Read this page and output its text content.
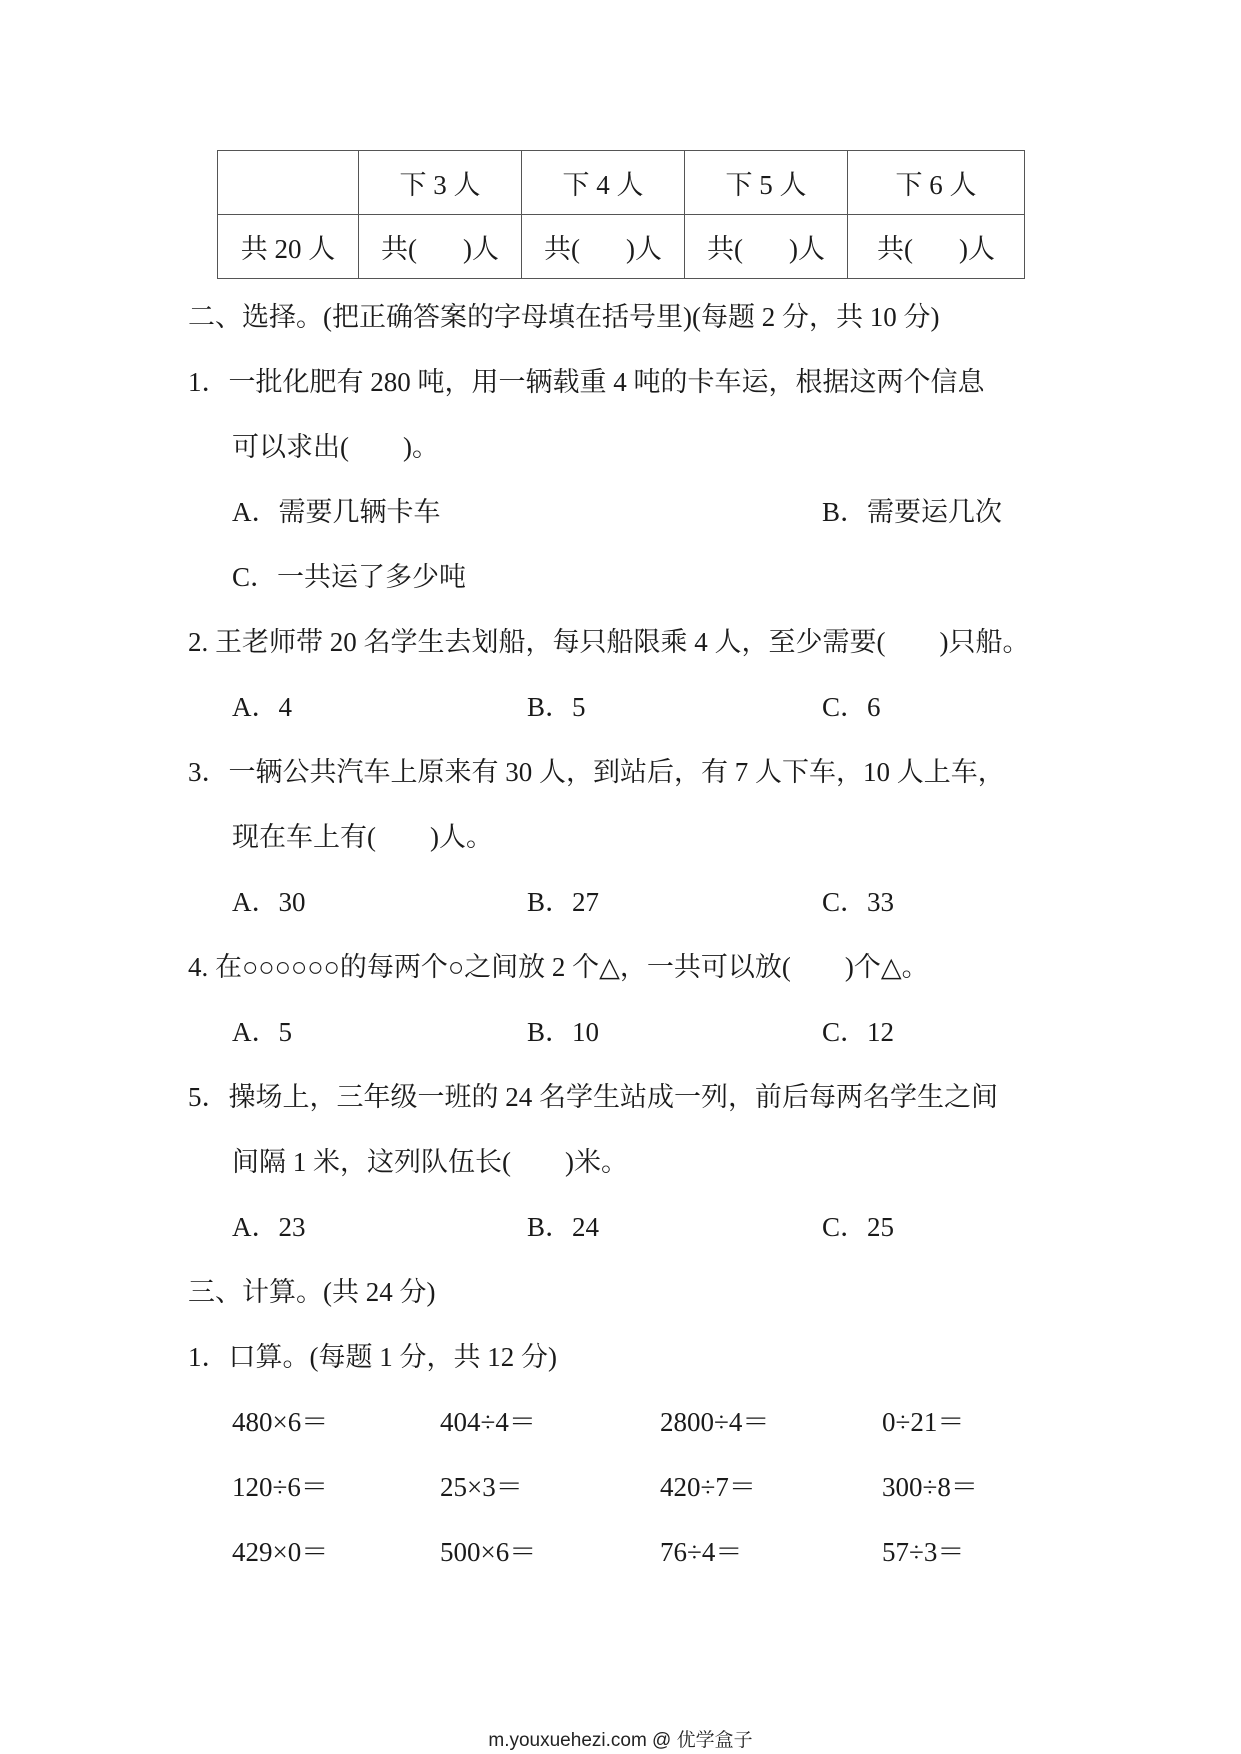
	下 3 人	下 4 人	下 5 人	下 6 人
共 20 人	共( )人	共( )人	共( )人	共( )人
二、选择。(把正确答案的字母填在括号里)(每题 2 分，共 10 分)
1．一批化肥有 280 吨，用一辆载重 4 吨的卡车运，根据这两个信息
可以求出(　　)。
A．需要几辆卡车	B．需要运几次
C．一共运了多少吨
2. 王老师带 20 名学生去划船，每只船限乘 4 人，至少需要(　　)只船。
A．4	B．5	C．6
3．一辆公共汽车上原来有 30 人，到站后，有 7 人下车，10 人上车，
现在车上有(　　)人。
A．30	B．27	C．33
4. 在○○○○○○的每两个○之间放 2 个△，一共可以放(　　)个△。
A．5	B．10	C．12
5．操场上，三年级一班的 24 名学生站成一列，前后每两名学生之间
间隔 1 米，这列队伍长(　　)米。
A．23	B．24	C．25
三、计算。(共 24 分)
1．口算。(每题 1 分，共 12 分)
480×6＝	404÷4＝	2800÷4＝	0÷21＝
120÷6＝	25×3＝	420÷7＝	300÷8＝
429×0＝	500×6＝	76÷4＝	57÷3＝
m.youxuehezi.com @ 优学盒子
